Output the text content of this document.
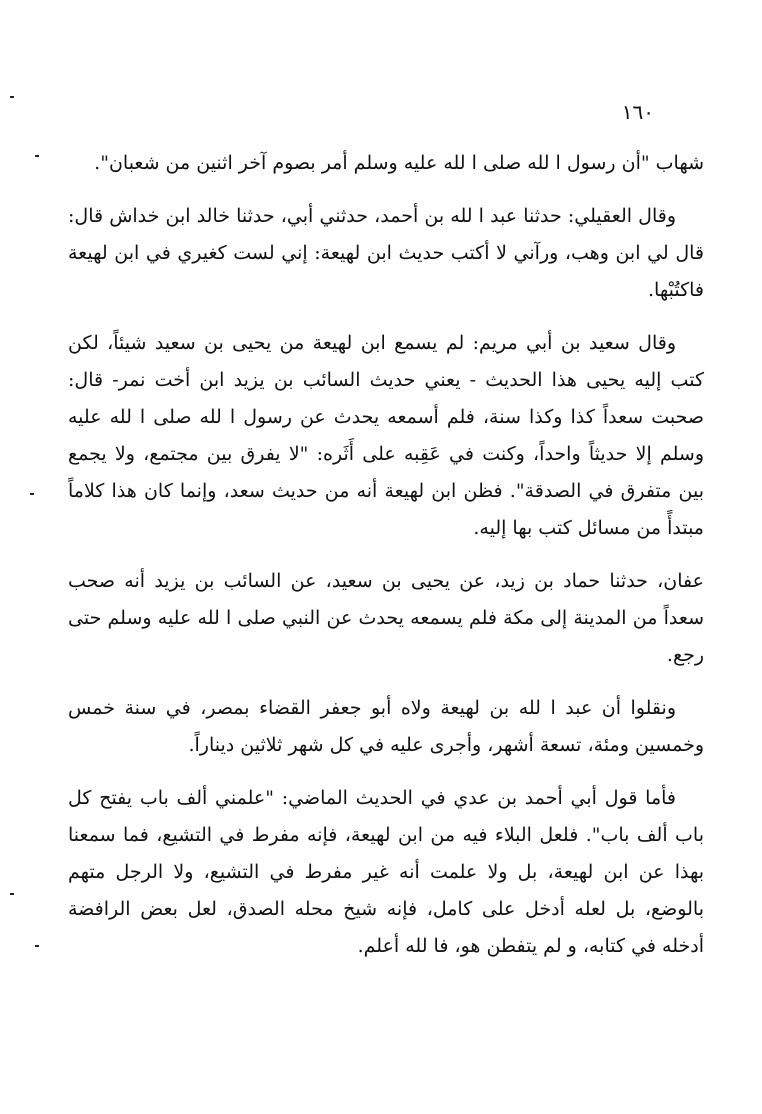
١٦٠

شهاب "أن رسول ا لله صلى ا لله عليه وسلم أمر بصوم آخر اثنين من شعبان".

وقال العقيلي: حدثنا عبد ا لله بن أحمد، حدثني أبي، حدثنا خالد ابن خداش قال: قال لي ابن وهب، ورآني لا أكتب حديث ابن لهيعة: إني لست كغيري في ابن لهيعة فاكتُبْها.

وقال سعيد بن أبي مريم: لم يسمع ابن لهيعة من يحيى بن سعيد شيئاً، لكن كتب إليه يحيى هذا الحديث - يعني حديث السائب بن يزيد ابن أخت نمر- قال: صحبت سعداً كذا وكذا سنة، فلم أسمعه يحدث عن رسول ا لله صلى ا لله عليه وسلم إلا حديثاً واحداً، وكنت في عَقِبه على أَثَره: "لا يفرق بين مجتمع، ولا يجمع بين متفرق في الصدقة". فظن ابن لهيعة أنه من حديث سعد، وإنما كان هذا كلاماً مبتدأً من مسائل كتب بها إليه.

عفان، حدثنا حماد بن زيد، عن يحيى بن سعيد، عن السائب بن يزيد أنه صحب سعداً من المدينة إلى مكة فلم يسمعه يحدث عن النبي صلى ا لله عليه وسلم حتى رجع.

ونقلوا أن عبد ا لله بن لهيعة ولاه أبو جعفر القضاء بمصر، في سنة خمس وخمسين ومئة، تسعة أشهر، وأجرى عليه في كل شهر ثلاثين ديناراً.

فأما قول أبي أحمد بن عدي في الحديث الماضي: "علمني ألف باب يفتح كل باب ألف باب". فلعل البلاء فيه من ابن لهيعة، فإنه مفرط في التشيع، فما سمعنا بهذا عن ابن لهيعة، بل ولا علمت أنه غير مفرط في التشيع، ولا الرجل متهم بالوضع، بل لعله أدخل على كامل، فإنه شيخ محله الصدق، لعل بعض الرافضة أدخله في كتابه، و لم يتفطن هو، فا لله أعلم.
